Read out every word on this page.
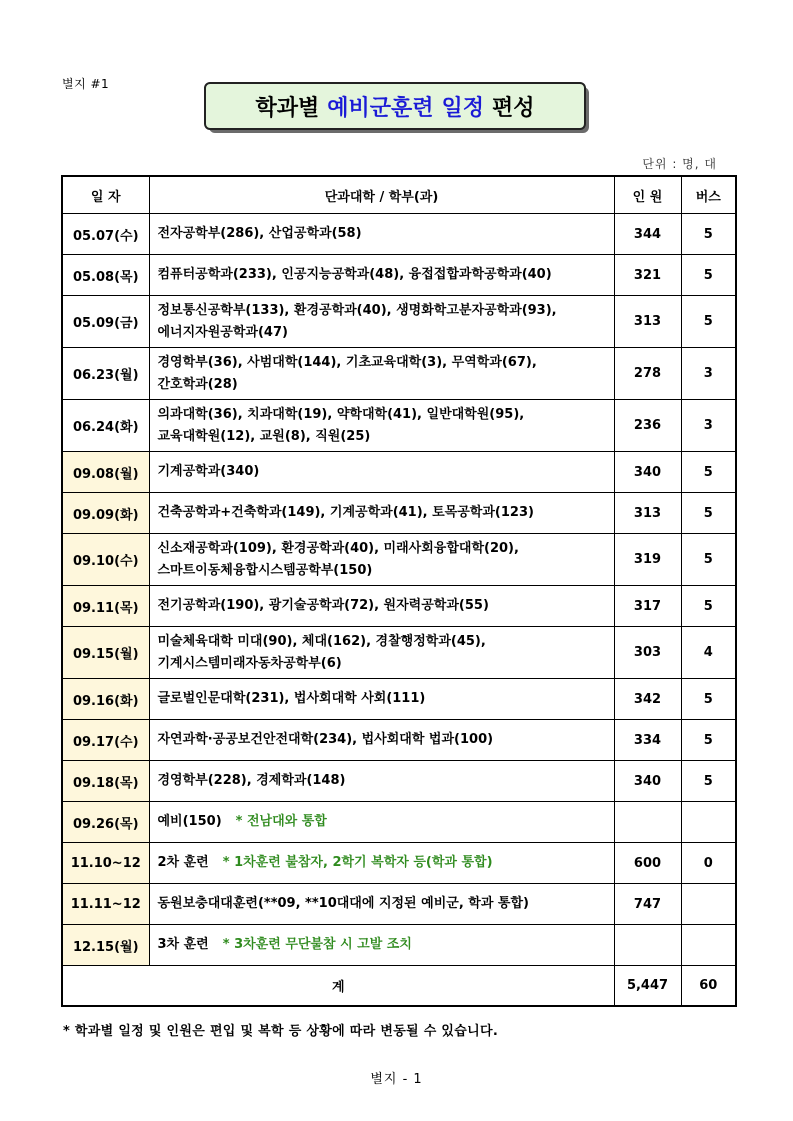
별지 #1
학과별 예비군훈련 일정 편성
단위 : 명, 대
일 자	단과대학 / 학부(과)	인 원	버스
05.07(수)	전자공학부(286), 산업공학과(58)	344	5
05.08(목)	컴퓨터공학과(233), 인공지능공학과(48), 융접접합과학공학과(40)	321	5
05.09(금)	정보통신공학부(133), 환경공학과(40), 생명화학고분자공학과(93),
에너지자원공학과(47)	313	5
06.23(월)	경영학부(36), 사범대학(144), 기초교육대학(3), 무역학과(67),
간호학과(28)	278	3
06.24(화)	의과대학(36), 치과대학(19), 약학대학(41), 일반대학원(95),
교육대학원(12), 교원(8), 직원(25)	236	3
09.08(월)	기계공학과(340)	340	5
09.09(화)	건축공학과+건축학과(149), 기계공학과(41), 토목공학과(123)	313	5
09.10(수)	신소재공학과(109), 환경공학과(40), 미래사회융합대학(20),
스마트이동체융합시스템공학부(150)	319	5
09.11(목)	전기공학과(190), 광기술공학과(72), 원자력공학과(55)	317	5
09.15(월)	미술체육대학 미대(90), 체대(162), 경찰행정학과(45),
기계시스템미래자동차공학부(6)	303	4
09.16(화)	글로벌인문대학(231), 법사회대학 사회(111)	342	5
09.17(수)	자연과학·공공보건안전대학(234), 법사회대학 법과(100)	334	5
09.18(목)	경영학부(228), 경제학과(148)	340	5
09.26(목)	예비(150) * 전남대와 통합		
11.10~12	2차 훈련 * 1차훈련 불참자, 2학기 복학자 등(학과 통합)	600	0
11.11~12	동원보충대대훈련(**09, **10대대에 지정된 예비군, 학과 통합)	747	
12.15(월)	3차 훈련 * 3차훈련 무단불참 시 고발 조치		
계		5,447	60
* 학과별 일정 및 인원은 편입 및 복학 등 상황에 따라 변동될 수 있습니다.
별지 - 1
